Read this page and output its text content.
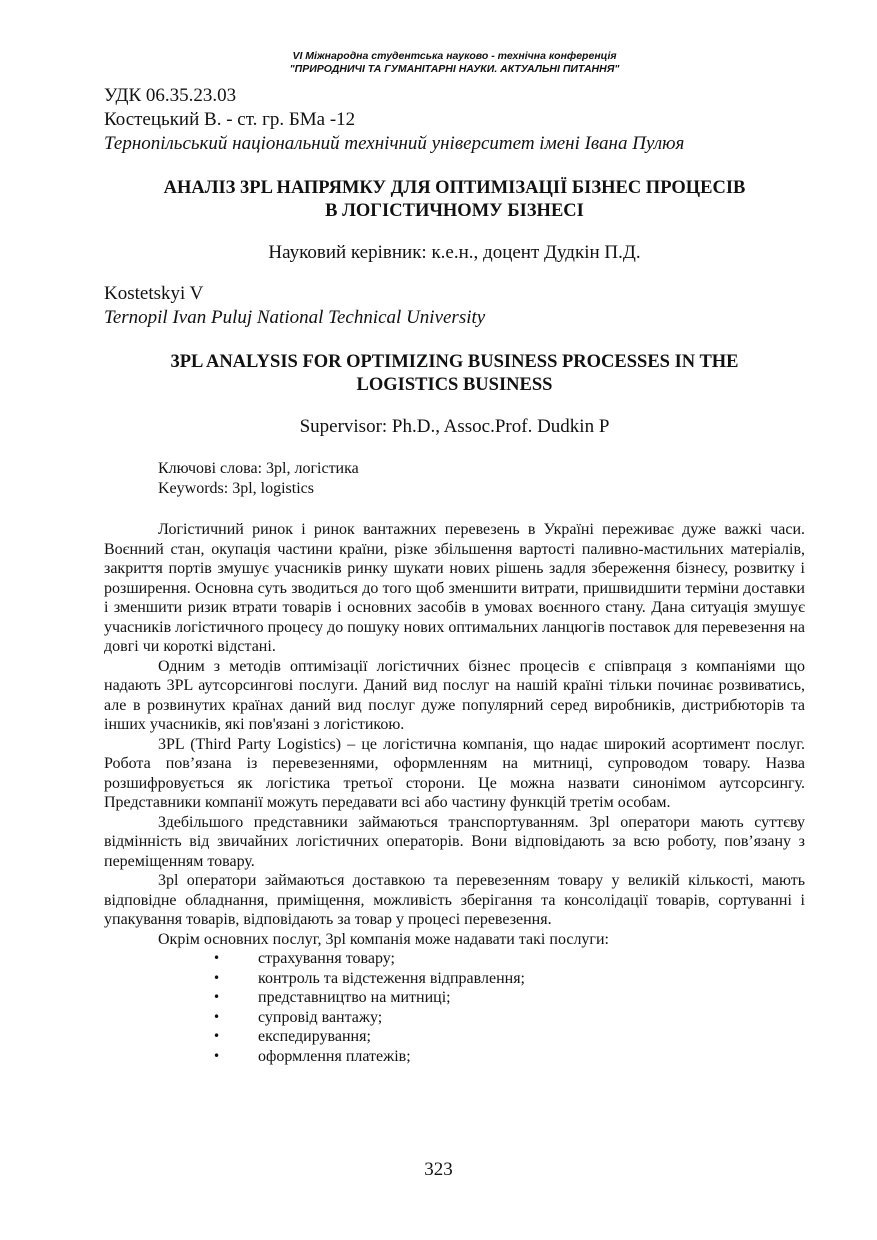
VI Міжнародна студентська науково - технічна конференція
"ПРИРОДНИЧІ ТА ГУМАНІТАРНІ НАУКИ. АКТУАЛЬНІ ПИТАННЯ"
УДК 06.35.23.03
Костецький В. - ст. гр. БМа -12
Тернопільський національний технічний університет імені Івана Пулюя
АНАЛІЗ 3PL НАПРЯМКУ ДЛЯ ОПТИМІЗАЦІЇ БІЗНЕС ПРОЦЕСІВ
В ЛОГІСТИЧНОМУ БІЗНЕСІ
Науковий керівник: к.е.н., доцент Дудкін П.Д.
Kostetskyi V
Ternopil Ivan Puluj National Technical University
3PL ANALYSIS FOR OPTIMIZING BUSINESS PROCESSES IN THE
LOGISTICS BUSINESS
Supervisor: Ph.D., Assoc.Prof. Dudkin P
Ключові слова: 3pl, логістика
Keywords: 3pl, logistics

Логістичний ринок і ринок вантажних перевезень в Україні переживає дуже важкі часи. Воєнний стан, окупація частини країни, різке збільшення вартості паливно-мастильних матеріалів, закриття портів змушує учасників ринку шукати нових рішень задля збереження бізнесу, розвитку і розширення. Основна суть зводиться до того щоб зменшити витрати, пришвидшити терміни доставки і зменшити ризик втрати товарів і основних засобів в умовах воєнного стану. Дана ситуація змушує учасників логістичного процесу до пошуку нових оптимальних ланцюгів поставок для перевезення на довгі чи короткі відстані.

Одним з методів оптимізації логістичних бізнес процесів є співпраця з компаніями що надають 3PL аутсорсингові послуги. Даний вид послуг на нашій країні тільки починає розвиватись, але в розвинутих країнах даний вид послуг дуже популярний серед виробників, дистрибюторів та інших учасників, які пов'язані з логістикою.

3PL (Third Party Logistics) – це логістична компанія, що надає широкий асортимент послуг. Робота пов’язана із перевезеннями, оформленням на митниці, супроводом товару. Назва розшифровується як логістика третьої сторони. Це можна назвати синонімом аутсорсингу. Представники компанії можуть передавати всі або частину функцій третім особам.

Здебільшого представники займаються транспортуванням. 3pl оператори мають суттєву відмінність від звичайних логістичних операторів. Вони відповідають за всю роботу, пов’язану з переміщенням товару.

3pl оператори займаються доставкою та перевезенням товару у великій кількості, мають відповідне обладнання, приміщення, можливість зберігання та консолідації товарів, сортуванні і упакування товарів, відповідають за товар у процесі перевезення.

Окрім основних послуг, 3pl компанія може надавати такі послуги:

• страхування товару;
• контроль та відстеження відправлення;
• представництво на митниці;
• супровід вантажу;
• експедирування;
• оформлення платежів;
323
